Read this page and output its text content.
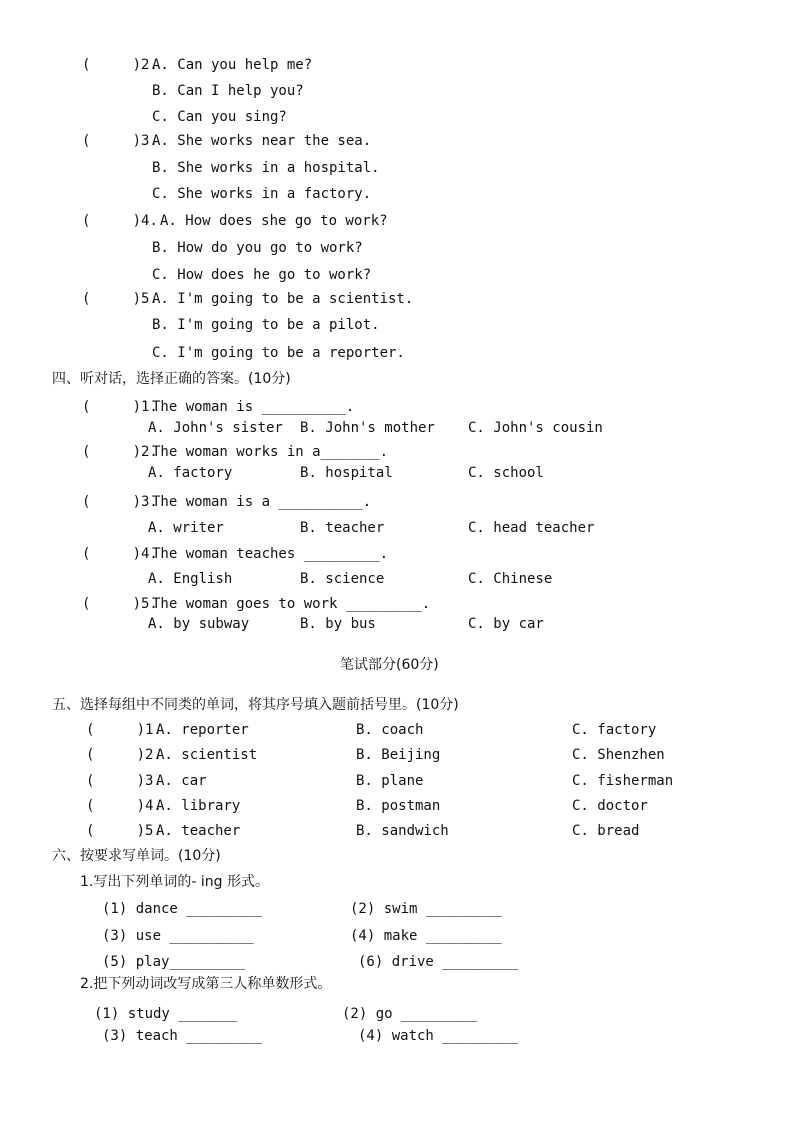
(     )2.
A. Can you help me?
B. Can I help you?
C. Can you sing?
(     )3.
A. She works near the sea.
B. She works in a hospital.
C. She works in a factory.
(     )4. A. How does she go to work?
B. How do you go to work?
C. How does he go to work?
(     )5.
A. I'm going to be a scientist.
B. I'm going to be a pilot.
C. I'm going to be a reporter.
四、听对话，选择正确的答案。(10分)
(     )1.
The woman is __________.
A. John's sister B. John's mother C. John's cousin
(     )2.
The woman works in a_______.
A. factory	B. hospital	C. school
(     )3.
The woman is a __________.
A. writer	B. teacher	C. head teacher
(     )4.
The woman teaches _________.
A. English	B. science	C. Chinese
(     )5.
The woman goes to work _________.
A. by subway	B. by bus	C. by car
笔试部分(60分)
五、选择每组中不同类的单词，将其序号填入题前括号里。(10分)
(     )1.
A. reporter	B. coach	C. factory
(     )2.
A. scientist	B. Beijing	C. Shenzhen
(     )3.
A. car	B. plane	C. fisherman
(     )4.
A. library	B. postman	C. doctor
(     )5.
A. teacher	B. sandwich	C. bread
六、按要求写单词。(10分)
1.写出下列单词的- ing 形式。
(1) dance _________	(2) swim _________
(3) use __________	(4) make _________
(5) play_________	(6) drive _________
2.把下列动词改写成第三人称单数形式。
(1) study _______	(2) go _________
(3) teach _________	(4) watch _________
